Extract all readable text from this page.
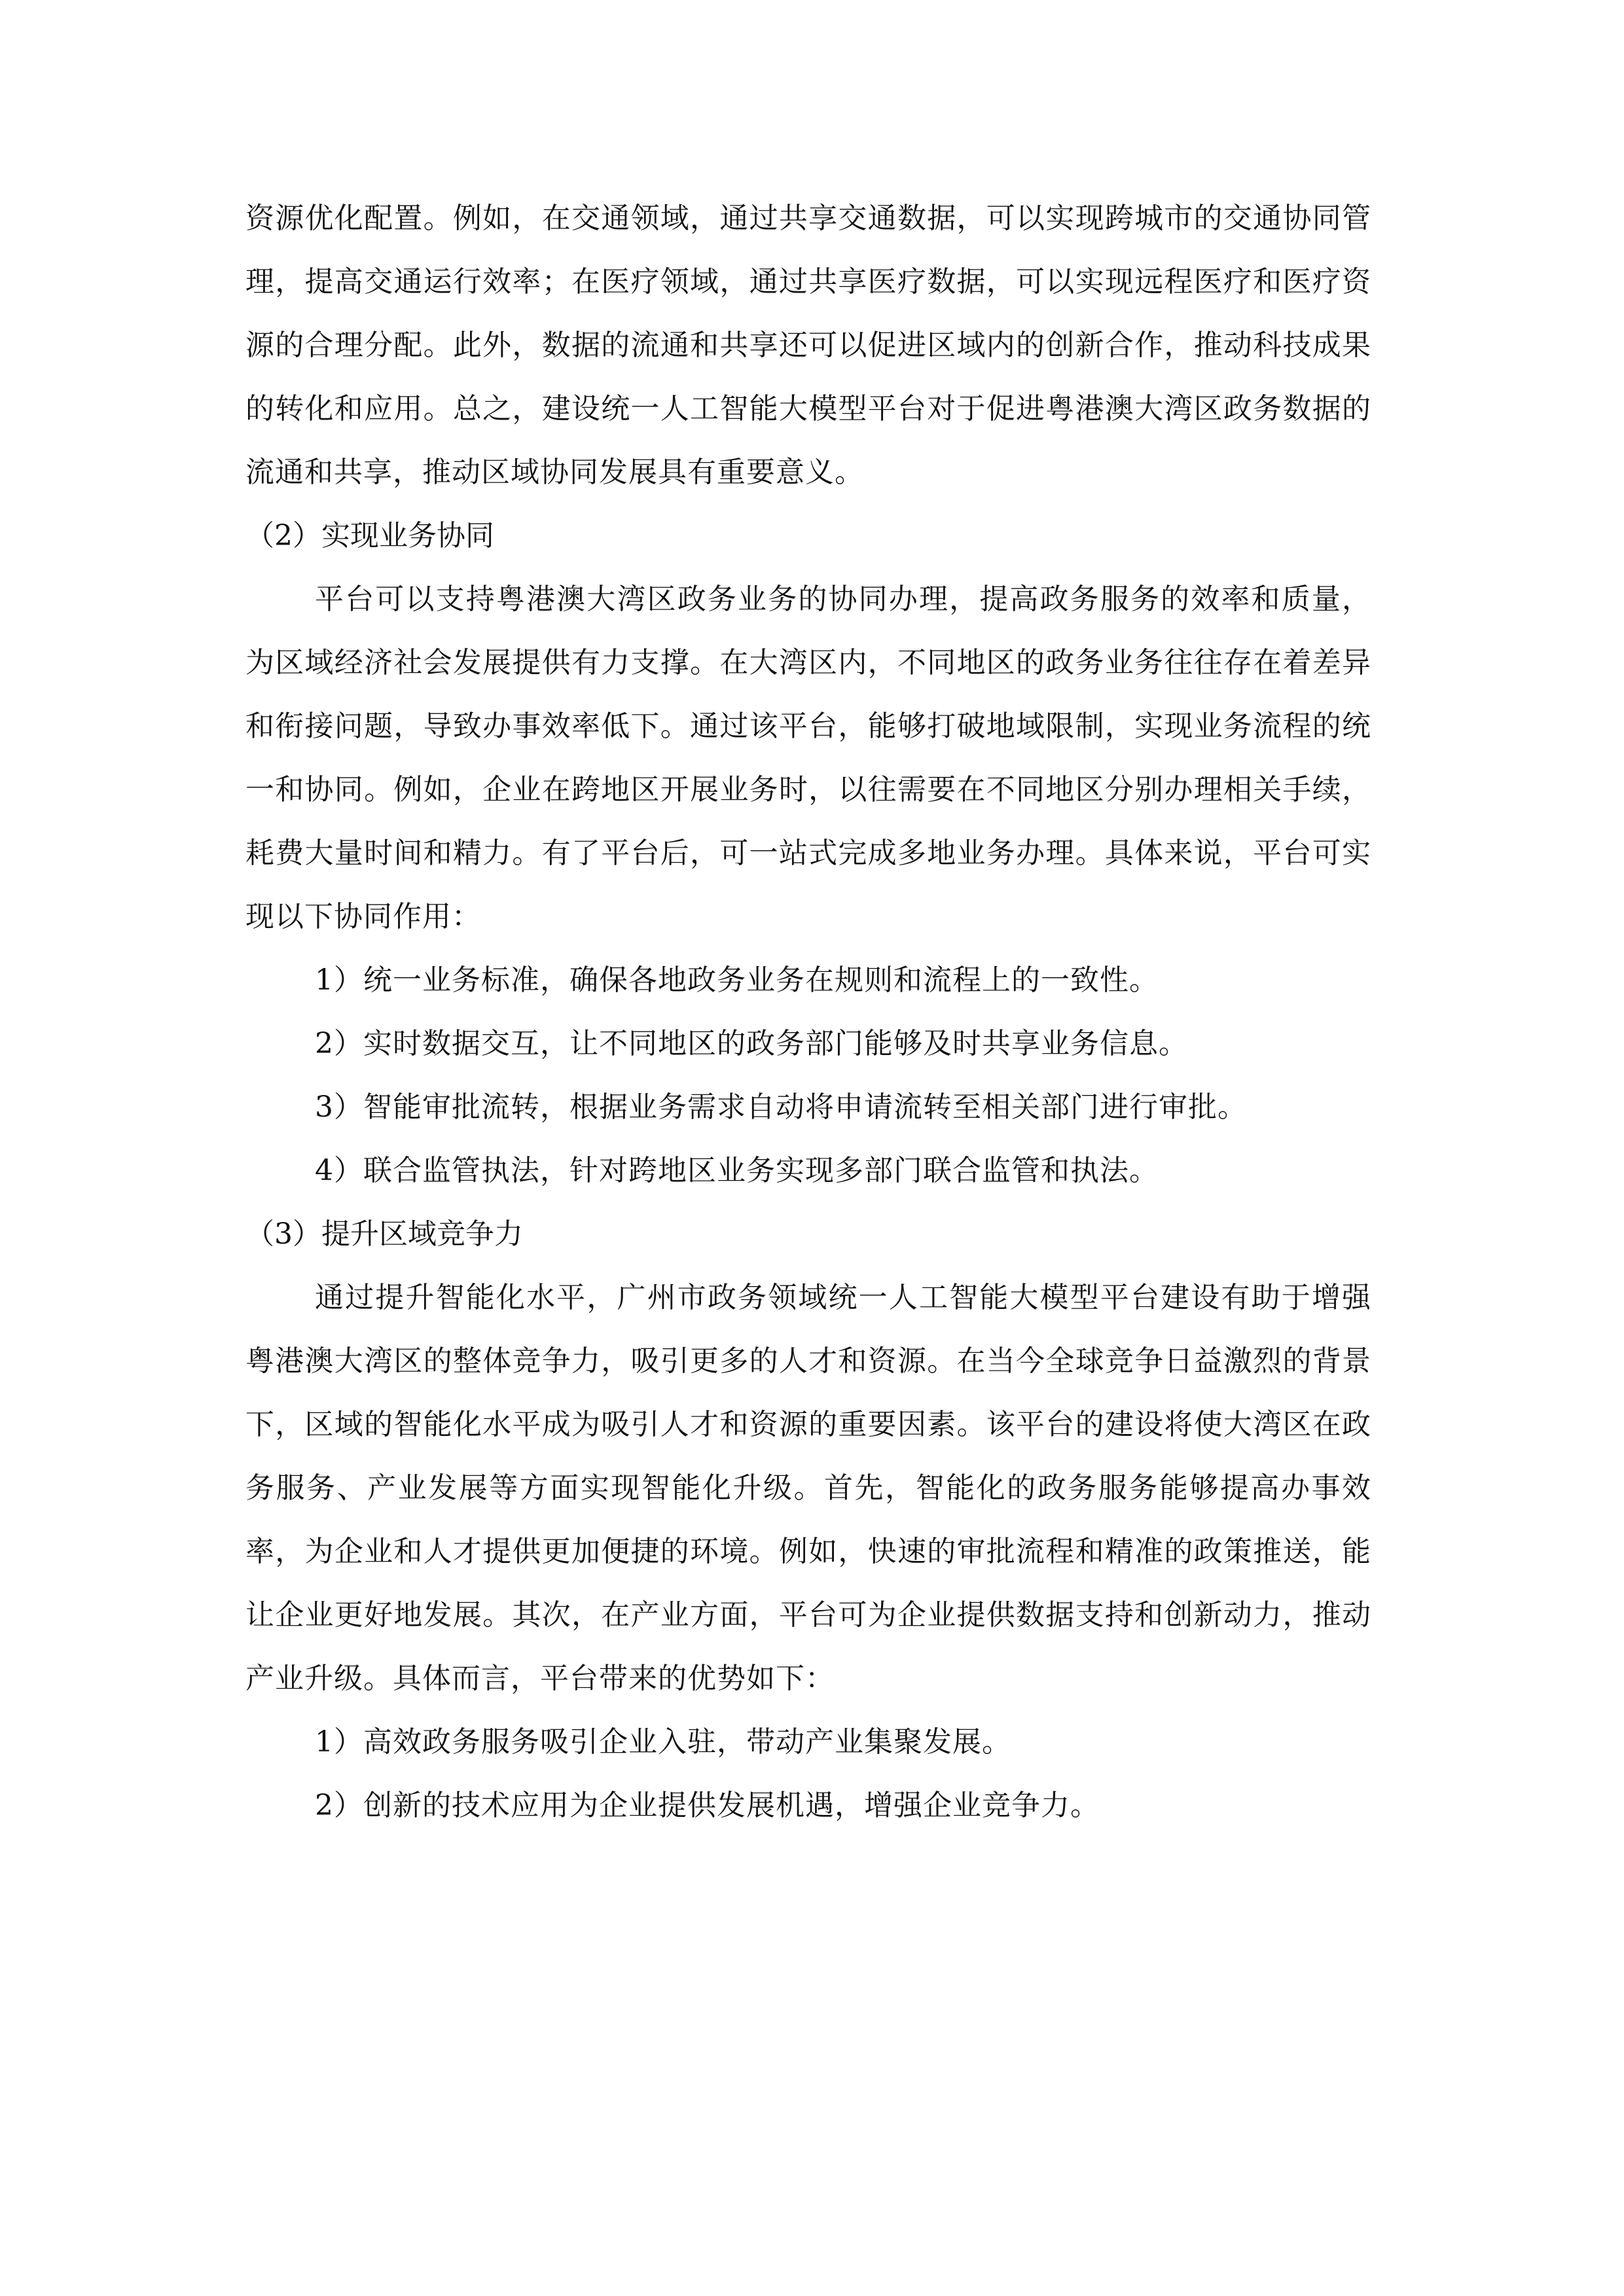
资源优化配置。例如，在交通领域，通过共享交通数据，可以实现跨城市的交通协同管理，提高交通运行效率；在医疗领域，通过共享医疗数据，可以实现远程医疗和医疗资源的合理分配。此外，数据的流通和共享还可以促进区域内的创新合作，推动科技成果的转化和应用。总之，建设统一人工智能大模型平台对于促进粤港澳大湾区政务数据的流通和共享，推动区域协同发展具有重要意义。

（2）实现业务协同

平台可以支持粤港澳大湾区政务业务的协同办理，提高政务服务的效率和质量，为区域经济社会发展提供有力支撑。在大湾区内，不同地区的政务业务往往存在着差异和衔接问题，导致办事效率低下。通过该平台，能够打破地域限制，实现业务流程的统一和协同。例如，企业在跨地区开展业务时，以往需要在不同地区分别办理相关手续，耗费大量时间和精力。有了平台后，可一站式完成多地业务办理。具体来说，平台可实现以下协同作用：

1）统一业务标准，确保各地政务业务在规则和流程上的一致性。

2）实时数据交互，让不同地区的政务部门能够及时共享业务信息。

3）智能审批流转，根据业务需求自动将申请流转至相关部门进行审批。

4）联合监管执法，针对跨地区业务实现多部门联合监管和执法。

（3）提升区域竞争力

通过提升智能化水平，广州市政务领域统一人工智能大模型平台建设有助于增强粤港澳大湾区的整体竞争力，吸引更多的人才和资源。在当今全球竞争日益激烈的背景下，区域的智能化水平成为吸引人才和资源的重要因素。该平台的建设将使大湾区在政务服务、产业发展等方面实现智能化升级。首先，智能化的政务服务能够提高办事效率，为企业和人才提供更加便捷的环境。例如，快速的审批流程和精准的政策推送，能让企业更好地发展。其次，在产业方面，平台可为企业提供数据支持和创新动力，推动产业升级。具体而言，平台带来的优势如下：

1）高效政务服务吸引企业入驻，带动产业集聚发展。

2）创新的技术应用为企业提供发展机遇，增强企业竞争力。
